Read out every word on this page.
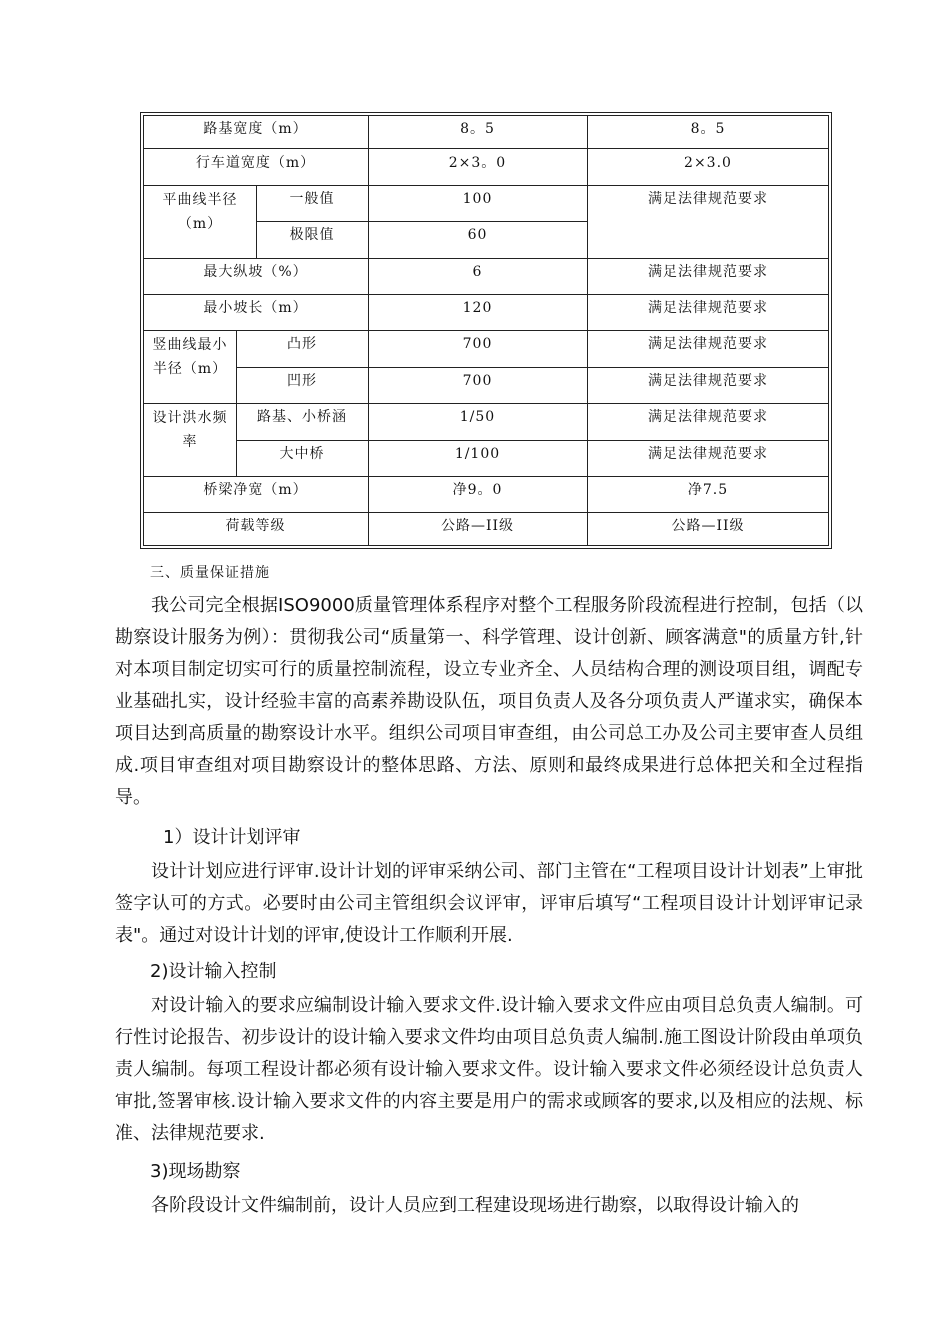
路基宽度（m）	8。5	8。5
行车道宽度（m）	2×3。0	2×3.0
平曲线半径（m）
一般值	100	满足法律规范要求
极限值	60
最大纵坡（%）	6	满足法律规范要求
最小坡长（m）	120	满足法律规范要求
竖曲线最小半径（m）
凸形	700	满足法律规范要求
凹形	700	满足法律规范要求
设计洪水频率
路基、小桥涵	1/50	满足法律规范要求
大中桥	1/100	满足法律规范要求
桥梁净宽（m）	净9。0	净7.5
荷载等级	公路—II级	公路—II级
三、质量保证措施

我公司完全根据ISO9000质量管理体系程序对整个工程服务阶段流程进行控制，包括（以勘察设计服务为例）：贯彻我公司“质量第一、科学管理、设计创新、顾客满意"的质量方针,针对本项目制定切实可行的质量控制流程，设立专业齐全、人员结构合理的测设项目组，调配专业基础扎实，设计经验丰富的高素养勘设队伍，项目负责人及各分项负责人严谨求实，确保本项目达到高质量的勘察设计水平。组织公司项目审查组，由公司总工办及公司主要审查人员组成.项目审查组对项目勘察设计的整体思路、方法、原则和最终成果进行总体把关和全过程指导。

1）设计计划评审

设计计划应进行评审.设计计划的评审采纳公司、部门主管在“工程项目设计计划表”上审批签字认可的方式。必要时由公司主管组织会议评审，评审后填写“工程项目设计计划评审记录表"。通过对设计计划的评审,使设计工作顺利开展.

2)设计输入控制

对设计输入的要求应编制设计输入要求文件.设计输入要求文件应由项目总负责人编制。可行性讨论报告、初步设计的设计输入要求文件均由项目总负责人编制.施工图设计阶段由单项负责人编制。每项工程设计都必须有设计输入要求文件。设计输入要求文件必须经设计总负责人审批,签署审核.设计输入要求文件的内容主要是用户的需求或顾客的要求,以及相应的法规、标准、法律规范要求.

3)现场勘察

各阶段设计文件编制前，设计人员应到工程建设现场进行勘察，以取得设计输入的
